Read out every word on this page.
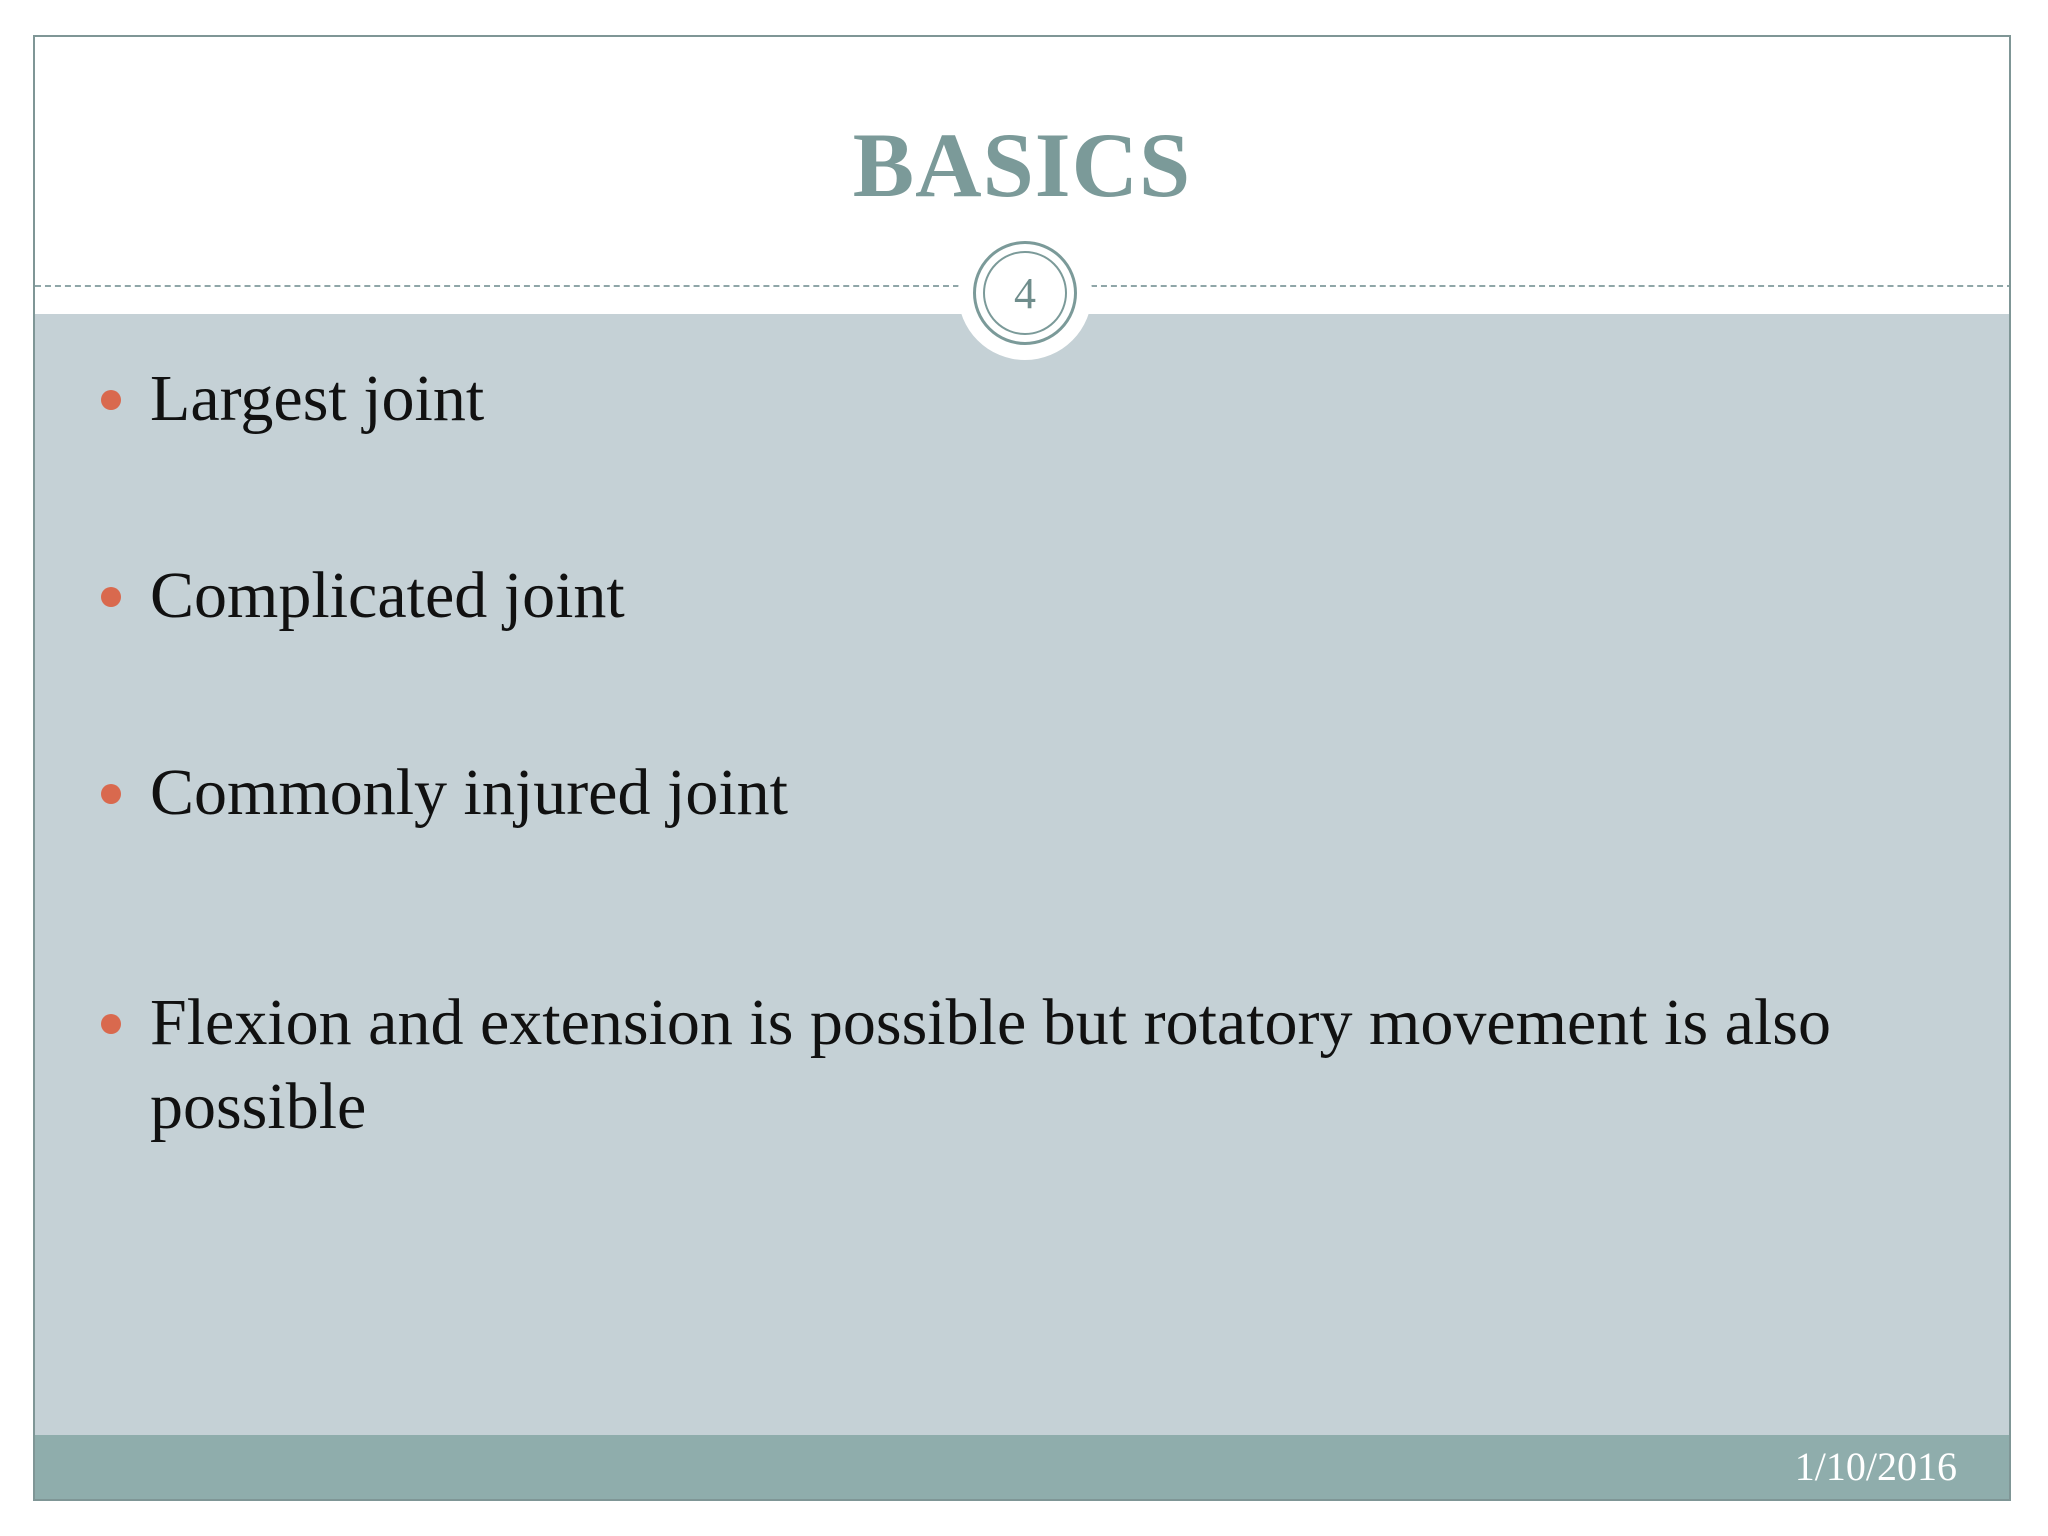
BASICS
4
Largest joint
Complicated joint
Commonly injured joint
Flexion and extension is possible but rotatory movement is also possible
1/10/2016
